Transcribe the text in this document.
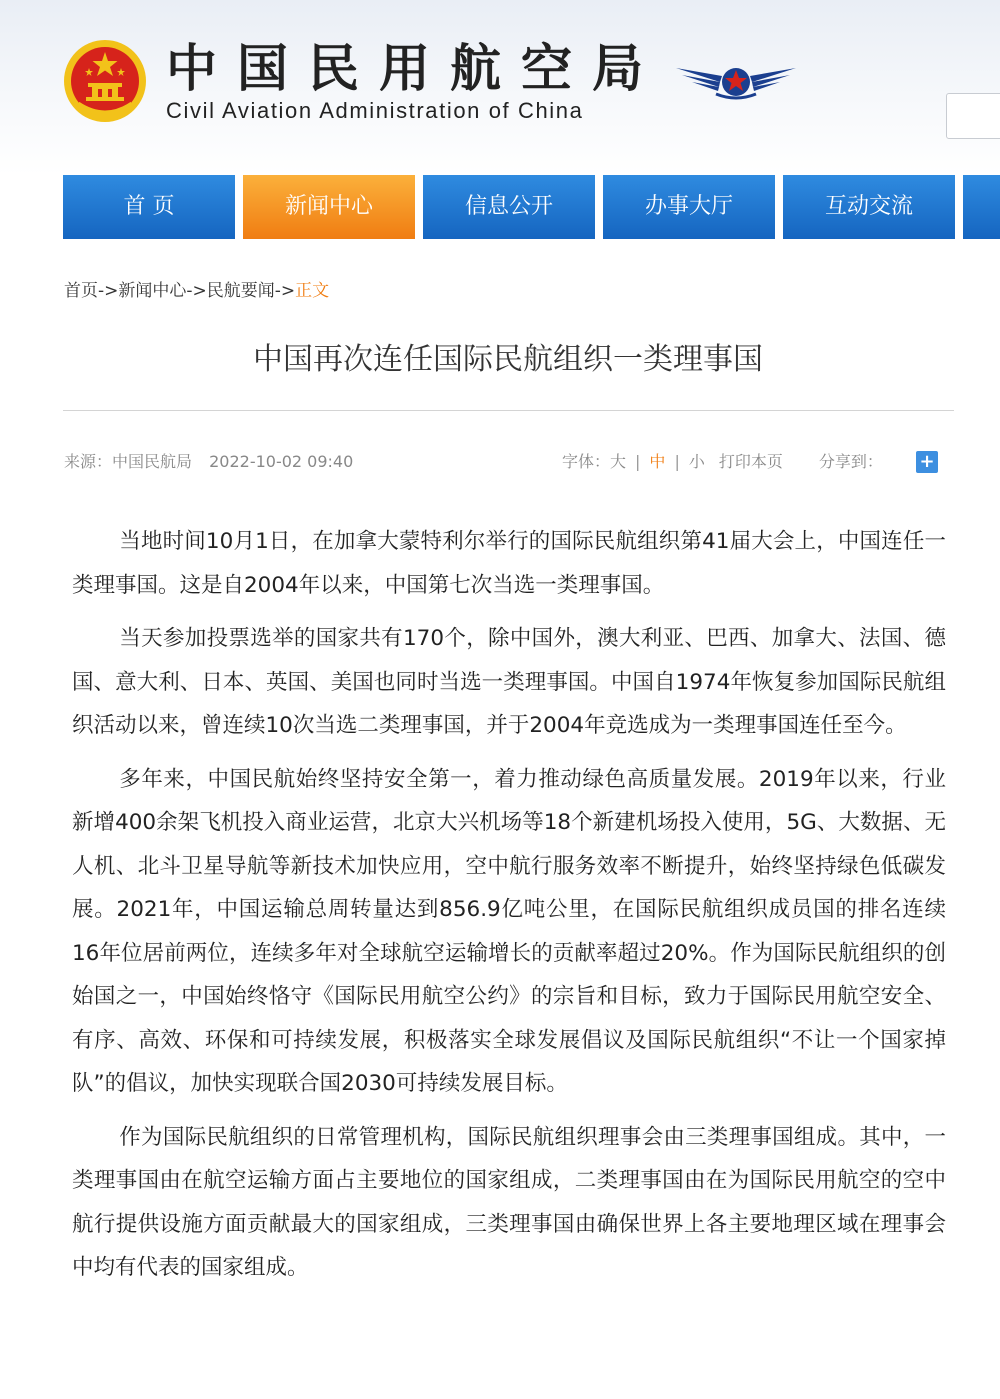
中国民用航空局
Civil Aviation Administration of China
首 页	新闻中心	信息公开	办事大厅	互动交流
首页->新闻中心->民航要闻->正文
中国再次连任国际民航组织一类理事国
来源：中国民航局 2022-10-02 09:40	字体：大 | 中 | 小 打印本页 分享到： +

当地时间10月1日，在加拿大蒙特利尔举行的国际民航组织第41届大会上，中国连任一类理事国。这是自2004年以来，中国第七次当选一类理事国。

当天参加投票选举的国家共有170个，除中国外，澳大利亚、巴西、加拿大、法国、德国、意大利、日本、英国、美国也同时当选一类理事国。中国自1974年恢复参加国际民航组织活动以来，曾连续10次当选二类理事国，并于2004年竞选成为一类理事国连任至今。

多年来，中国民航始终坚持安全第一，着力推动绿色高质量发展。2019年以来，行业新增400余架飞机投入商业运营，北京大兴机场等18个新建机场投入使用，5G、大数据、无人机、北斗卫星导航等新技术加快应用，空中航行服务效率不断提升，始终坚持绿色低碳发展。2021年，中国运输总周转量达到856.9亿吨公里，在国际民航组织成员国的排名连续16年位居前两位，连续多年对全球航空运输增长的贡献率超过20%。作为国际民航组织的创始国之一，中国始终恪守《国际民用航空公约》的宗旨和目标，致力于国际民用航空安全、有序、高效、环保和可持续发展，积极落实全球发展倡议及国际民航组织“不让一个国家掉队”的倡议，加快实现联合国2030可持续发展目标。

作为国际民航组织的日常管理机构，国际民航组织理事会由三类理事国组成。其中，一类理事国由在航空运输方面占主要地位的国家组成，二类理事国由在为国际民用航空的空中航行提供设施方面贡献最大的国家组成，三类理事国由确保世界上各主要地理区域在理事会中均有代表的国家组成。
